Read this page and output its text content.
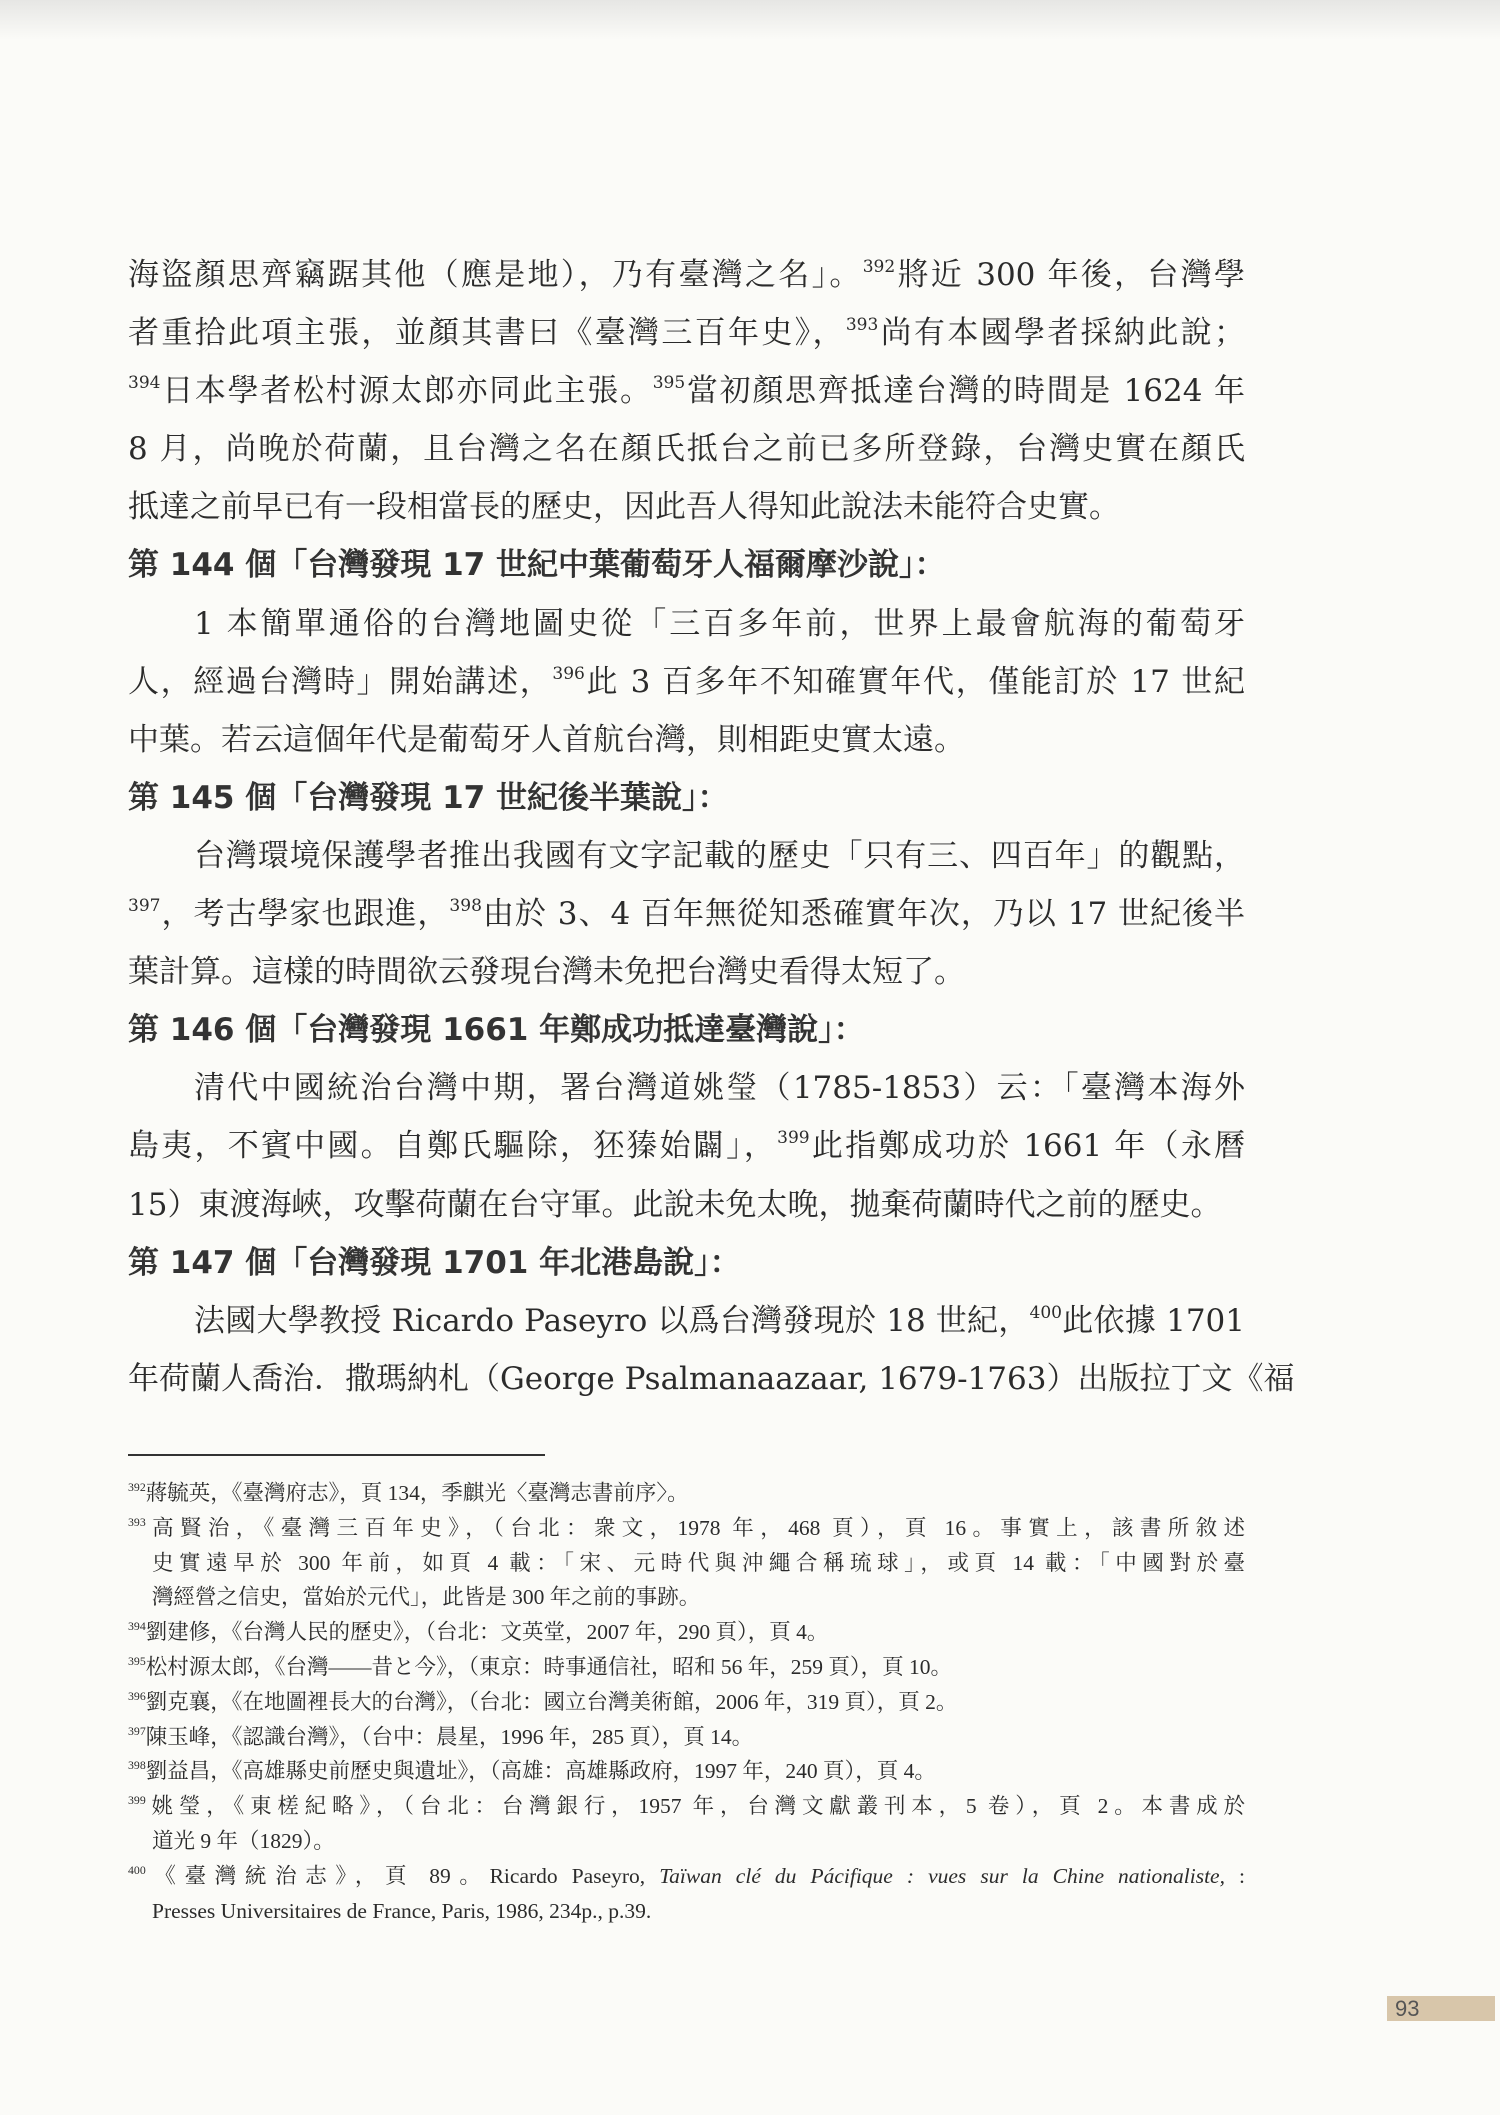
海盜顏思齊竊踞其他（應是地），乃有臺灣之名」。$^{392}$將近 300 年後，台灣學
者重拾此項主張，並顏其書曰《臺灣三百年史》，$^{393}$尚有本國學者採納此說；
$^{394}$日本學者松村源太郎亦同此主張。$^{395}$當初顏思齊抵達台灣的時間是 1624 年
8 月，尚晚於荷蘭，且台灣之名在顏氏抵台之前已多所登錄，台灣史實在顏氏
抵達之前早已有一段相當長的歷史，因此吾人得知此說法未能符合史實。
第 144 個「台灣發現 17 世紀中葉葡萄牙人福爾摩沙說」：
1 本簡單通俗的台灣地圖史從「三百多年前，世界上最會航海的葡萄牙
人，經過台灣時」開始講述，$^{396}$此 3 百多年不知確實年代，僅能訂於 17 世紀
中葉。若云這個年代是葡萄牙人首航台灣，則相距史實太遠。
第 145 個「台灣發現 17 世紀後半葉說」：
台灣環境保護學者推出我國有文字記載的歷史「只有三、四百年」的觀點，
$^{397}$，考古學家也跟進，$^{398}$由於 3、4 百年無從知悉確實年次，乃以 17 世紀後半
葉計算。這樣的時間欲云發現台灣未免把台灣史看得太短了。
第 146 個「台灣發現 1661 年鄭成功抵達臺灣說」：
清代中國統治台灣中期，署台灣道姚瑩（1785-1853）云：「臺灣本海外
島夷，不賓中國。自鄭氏驅除，狉獉始闢」，$^{399}$此指鄭成功於 1661 年（永曆
15）東渡海峽，攻擊荷蘭在台守軍。此說未免太晚，拋棄荷蘭時代之前的歷史。
第 147 個「台灣發現 1701 年北港島說」：
法國大學教授 Ricardo Paseyro 以爲台灣發現於 18 世紀，$^{400}$此依據 1701
年荷蘭人喬治．撒瑪納札（George Psalmanaazaar, 1679-1763）出版拉丁文《福
$^{392}$蔣毓英，《臺灣府志》，頁 134，季麒光〈臺灣志書前序〉。
$^{393}$高賢治，《臺灣三百年史》，（台北：衆文，1978 年，468 頁），頁 16。事實上，該書所敘述
史實遠早於 300 年前，如頁 4 載：「宋、元時代與沖繩合稱琉球」，或頁 14 載：「中國對於臺
灣經營之信史，當始於元代」，此皆是 300 年之前的事跡。
$^{394}$劉建修，《台灣人民的歷史》，（台北：文英堂，2007 年，290 頁），頁 4。
$^{395}$松村源太郎，《台灣——昔と今》，（東京：時事通信社，昭和 56 年，259 頁），頁 10。
$^{396}$劉克襄，《在地圖裡長大的台灣》，（台北：國立台灣美術館，2006 年，319 頁），頁 2。
$^{397}$陳玉峰，《認識台灣》，（台中：晨星，1996 年，285 頁），頁 14。
$^{398}$劉益昌，《高雄縣史前歷史與遺址》，（高雄：高雄縣政府，1997 年，240 頁），頁 4。
$^{399}$姚瑩，《東槎紀略》，（台北：台灣銀行，1957 年，台灣文獻叢刊本，5 卷），頁 2。本書成於
道光 9 年（1829）。
$^{400}$《臺灣統治志》，頁 89。Ricardo Paseyro, Taïwan clé du Pácifique : vues sur la Chine nationaliste, :
Presses Universitaires de France, Paris, 1986, 234p., p.39.
93
